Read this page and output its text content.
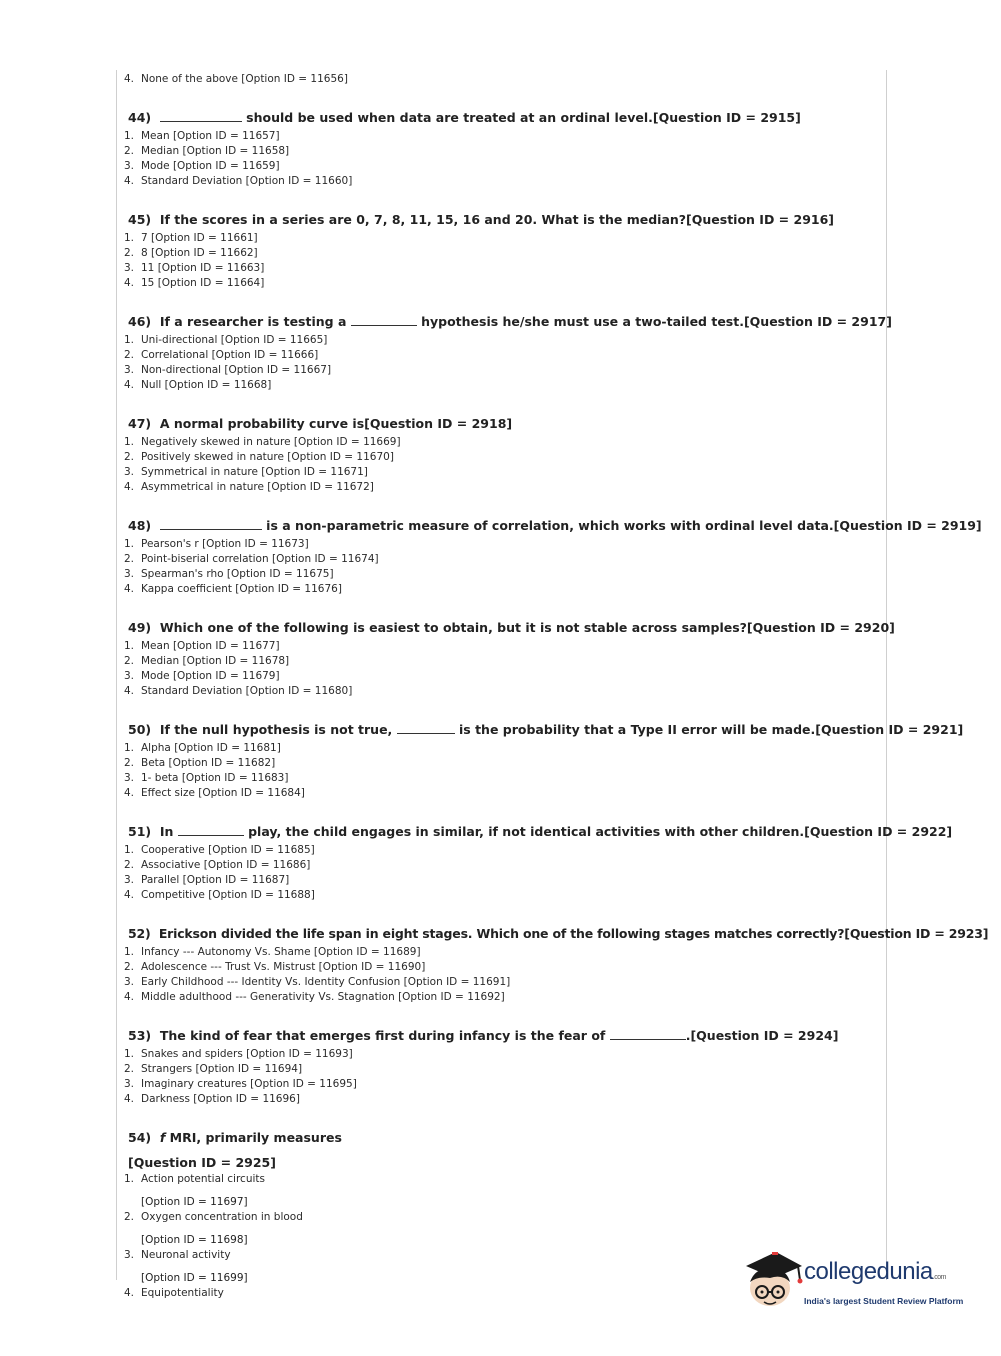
4. None of the above [Option ID = 11656]
44)	should be used when data are treated at an ordinal level.[Question ID = 2915]
1. Mean [Option ID = 11657]
2. Median [Option ID = 11658]
3. Mode [Option ID = 11659]
4. Standard Deviation [Option ID = 11660]
45) If the scores in a series are 0, 7, 8, 11, 15, 16 and 20. What is the median?[Question ID = 2916]
1. 7 [Option ID = 11661]
2. 8 [Option ID = 11662]
3. 11 [Option ID = 11663]
4. 15 [Option ID = 11664]
46) If a researcher is testing a	hypothesis he/she must use a two-tailed test.[Question ID = 2917]
1. Uni-directional [Option ID = 11665]
2. Correlational [Option ID = 11666]
3. Non-directional [Option ID = 11667]
4. Null [Option ID = 11668]
47) A normal probability curve is[Question ID = 2918]
1. Negatively skewed in nature [Option ID = 11669]
2. Positively skewed in nature [Option ID = 11670]
3. Symmetrical in nature [Option ID = 11671]
4. Asymmetrical in nature [Option ID = 11672]
48)	is a non-parametric measure of correlation, which works with ordinal level data.[Question ID = 2919]
1. Pearson's r [Option ID = 11673]
2. Point-biserial correlation [Option ID = 11674]
3. Spearman's rho [Option ID = 11675]
4. Kappa coefficient [Option ID = 11676]
49) Which one of the following is easiest to obtain, but it is not stable across samples?[Question ID = 2920]
1. Mean [Option ID = 11677]
2. Median [Option ID = 11678]
3. Mode [Option ID = 11679]
4. Standard Deviation [Option ID = 11680]
50) If the null hypothesis is not true,	is the probability that a Type II error will be made.[Question ID = 2921]
1. Alpha [Option ID = 11681]
2. Beta [Option ID = 11682]
3. 1- beta [Option ID = 11683]
4. Effect size [Option ID = 11684]
51) In	play, the child engages in similar, if not identical activities with other children.[Question ID = 2922]
1. Cooperative [Option ID = 11685]
2. Associative [Option ID = 11686]
3. Parallel [Option ID = 11687]
4. Competitive [Option ID = 11688]
52) Erickson divided the life span in eight stages. Which one of the following stages matches correctly?[Question ID = 2923]
1. Infancy --- Autonomy Vs. Shame [Option ID = 11689]
2. Adolescence --- Trust Vs. Mistrust [Option ID = 11690]
3. Early Childhood --- Identity Vs. Identity Confusion [Option ID = 11691]
4. Middle adulthood --- Generativity Vs. Stagnation [Option ID = 11692]
53) The kind of fear that emerges first during infancy is the fear of	.[Question ID = 2924]
1. Snakes and spiders [Option ID = 11693]
2. Strangers [Option ID = 11694]
3. Imaginary creatures [Option ID = 11695]
4. Darkness [Option ID = 11696]
54) f MRI, primarily measures
[Question ID = 2925]
1. Action potential circuits
[Option ID = 11697]
2. Oxygen concentration in blood
[Option ID = 11698]
3. Neuronal activity
[Option ID = 11699]
4. Equipotentiality
collegedunia.com
India's largest Student Review Platform
